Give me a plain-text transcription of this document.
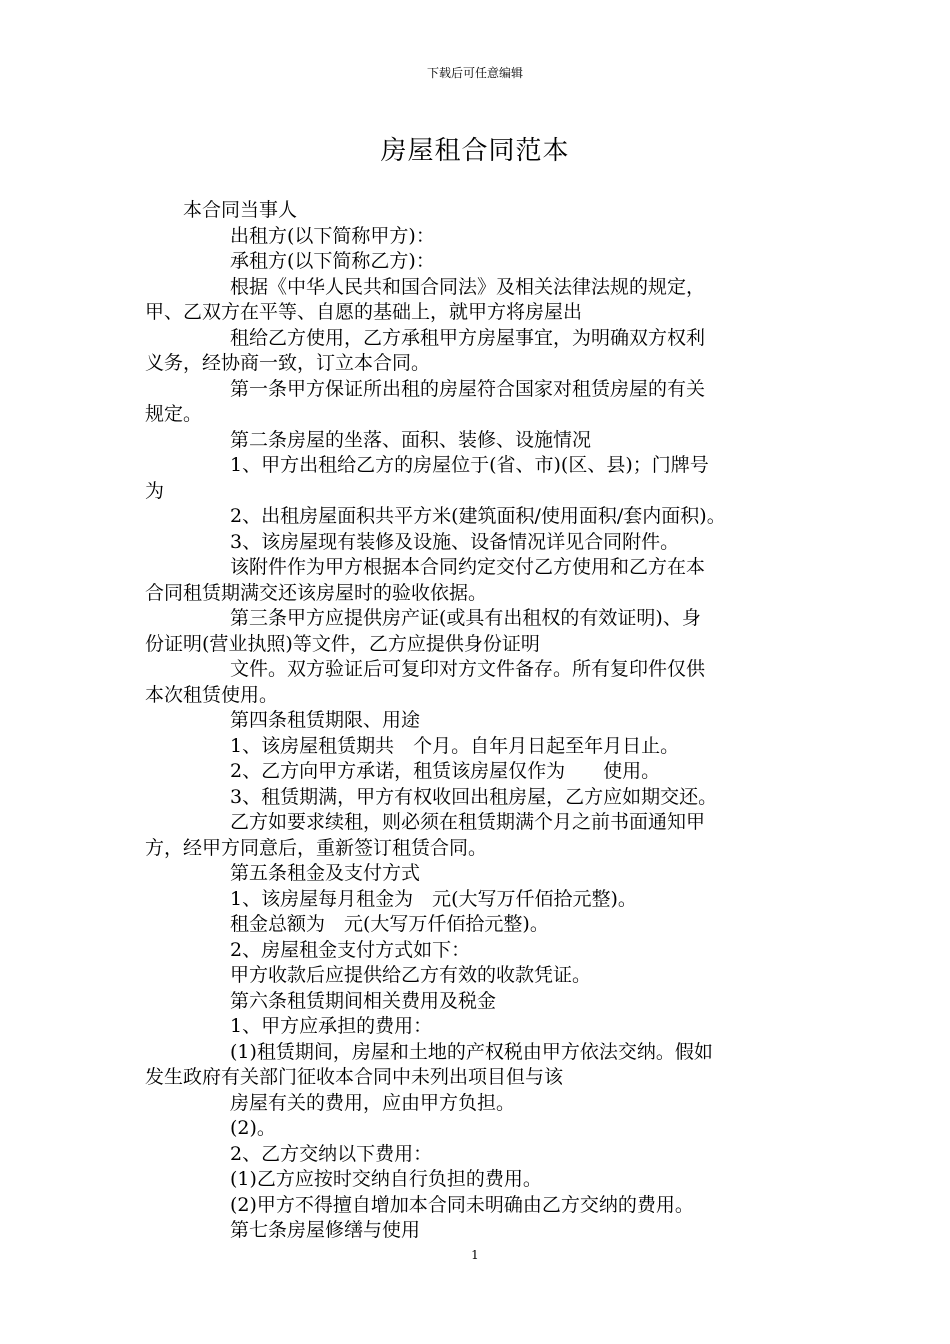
下载后可任意编辑
房屋租合同范本
本合同当事人
出租方(以下简称甲方)：
承租方(以下简称乙方)：
根据《中华人民共和国合同法》及相关法律法规的规定，
甲、乙双方在平等、自愿的基础上，就甲方将房屋出
租给乙方使用，乙方承租甲方房屋事宜，为明确双方权利
义务，经协商一致，订立本合同。
第一条甲方保证所出租的房屋符合国家对租赁房屋的有关
规定。
第二条房屋的坐落、面积、装修、设施情况
1、甲方出租给乙方的房屋位于(省、市)(区、县)；门牌号
为
2、出租房屋面积共平方米(建筑面积/使用面积/套内面积)。
3、该房屋现有装修及设施、设备情况详见合同附件。
该附件作为甲方根据本合同约定交付乙方使用和乙方在本
合同租赁期满交还该房屋时的验收依据。
第三条甲方应提供房产证(或具有出租权的有效证明)、身
份证明(营业执照)等文件，乙方应提供身份证明
文件。双方验证后可复印对方文件备存。所有复印件仅供
本次租赁使用。
第四条租赁期限、用途
1、该房屋租赁期共　个月。自年月日起至年月日止。
2、乙方向甲方承诺，租赁该房屋仅作为　　使用。
3、租赁期满，甲方有权收回出租房屋，乙方应如期交还。
乙方如要求续租，则必须在租赁期满个月之前书面通知甲
方，经甲方同意后，重新签订租赁合同。
第五条租金及支付方式
1、该房屋每月租金为　元(大写万仟佰拾元整)。
租金总额为　元(大写万仟佰拾元整)。
2、房屋租金支付方式如下：
甲方收款后应提供给乙方有效的收款凭证。
第六条租赁期间相关费用及税金
1、甲方应承担的费用：
(1)租赁期间，房屋和土地的产权税由甲方依法交纳。假如
发生政府有关部门征收本合同中未列出项目但与该
房屋有关的费用，应由甲方负担。
(2)。
2、乙方交纳以下费用：
(1)乙方应按时交纳自行负担的费用。
(2)甲方不得擅自增加本合同未明确由乙方交纳的费用。
第七条房屋修缮与使用
1
